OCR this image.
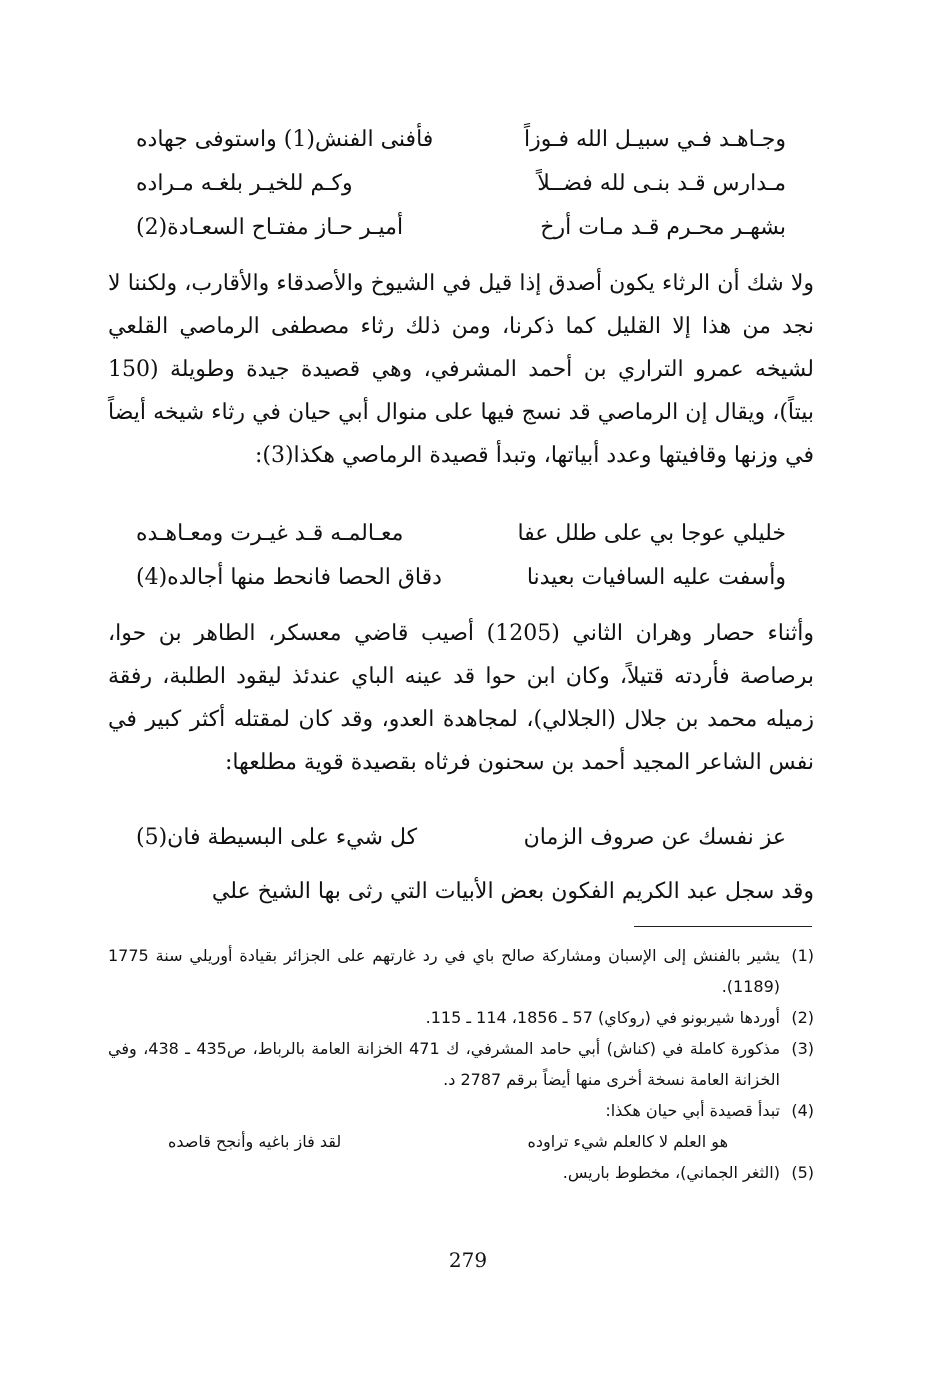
وجـاهـد فـي سبيـل الله فـوزاً
فأفنى الفنش(1) واستوفى جهاده
مـدارس قـد بنـى لله فضــلاً
وكـم للخيـر بلغـه مـراده
بشهـر محـرم قـد مـات أرخ
أميـر حـاز مفتـاح السعـادة(2)

ولا شك أن الرثاء يكون أصدق إذا قيل في الشيوخ والأصدقاء والأقارب، ولكننا لا نجد من هذا إلا القليل كما ذكرنا، ومن ذلك رثاء مصطفى الرماصي القلعي لشيخه عمرو التراري بن أحمد المشرفي، وهي قصيدة جيدة وطويلة (150 بيتاً)، ويقال إن الرماصي قد نسج فيها على منوال أبي حيان في رثاء شيخه أيضاً في وزنها وقافيتها وعدد أبياتها، وتبدأ قصيدة الرماصي هكذا(3):

خليلي عوجا بي على طلل عفا
معـالمـه قـد غيـرت ومعـاهـده
وأسفت عليه السافيات بعيدنا
دقاق الحصا فانحط منها أجالده(4)

وأثناء حصار وهران الثاني (1205) أصيب قاضي معسكر، الطاهر بن حوا، برصاصة فأردته قتيلاً، وكان ابن حوا قد عينه الباي عندئذ ليقود الطلبة، رفقة زميله محمد بن جلال (الجلالي)، لمجاهدة العدو، وقد كان لمقتله أكثر كبير في نفس الشاعر المجيد أحمد بن سحنون فرثاه بقصيدة قوية مطلعها:

عز نفسك عن صروف الزمان
كل شيء على البسيطة فان(5)

وقد سجل عبد الكريم الفكون بعض الأبيات التي رثى بها الشيخ علي

(1)
يشير بالفنش إلى الإسبان ومشاركة صالح باي في رد غارتهم على الجزائر بقيادة أوريلي سنة 1775 (1189).
(2)
أوردها شيربونو في (روكاي) 57 ـ 1856، 114 ـ 115.
(3)
مذكورة كاملة في (كناش) أبي حامد المشرفي، ك 471 الخزانة العامة بالرباط، ص435 ـ 438، وفي الخزانة العامة نسخة أخرى منها أيضاً برقم 2787 د.
(4)
تبدأ قصيدة أبي حيان هكذا:
هو العلم لا كالعلم شيء تراوده
لقد فاز باغيه وأنجح قاصده
(5)
(الثغر الجماني)، مخطوط باريس.
279
